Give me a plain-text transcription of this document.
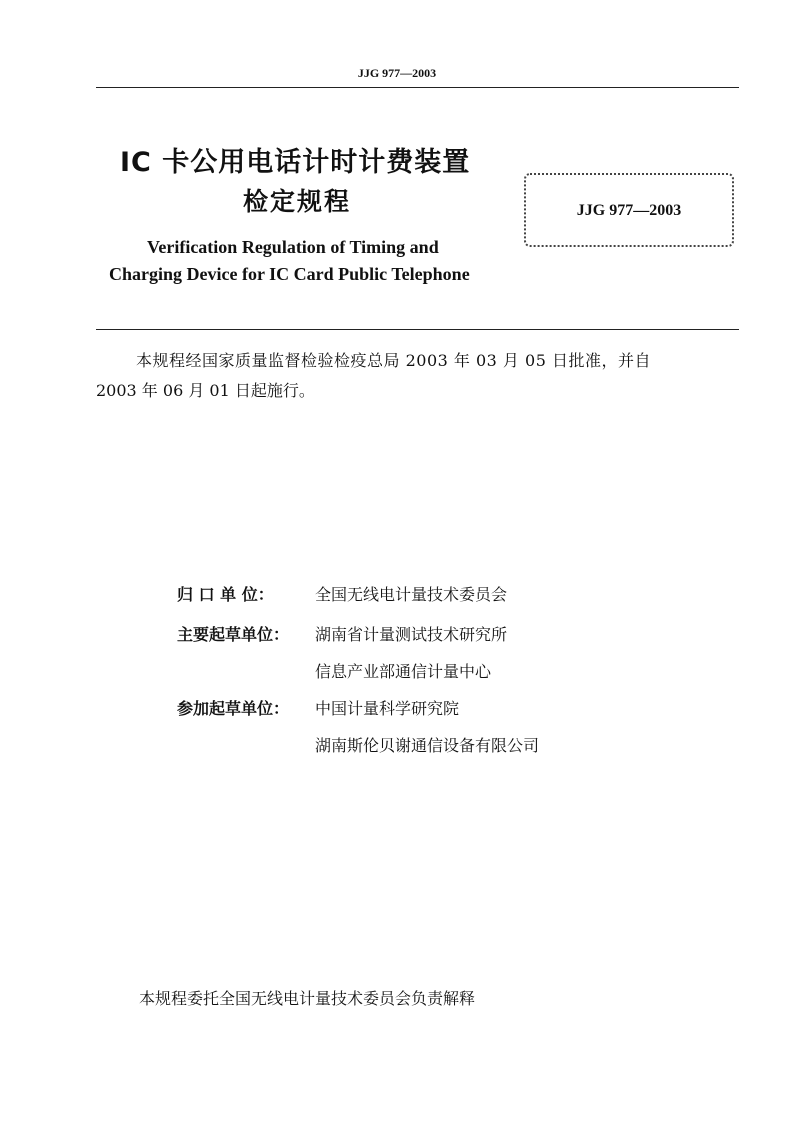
JJG 977—2003
IC 卡公用电话计时计费装置
检定规程
Verification Regulation of Timing and
Charging Device for IC Card Public Telephone
JJG 977—2003
本规程经国家质量监督检验检疫总局 2003 年 03 月 05 日批准，并自
2003 年 06 月 01 日起施行。
归 口 单 位：	全国无线电计量技术委员会
主要起草单位： 湖南省计量测试技术研究所
信息产业部通信计量中心
参加起草单位： 中国计量科学研究院
湖南斯伦贝谢通信设备有限公司
本规程委托全国无线电计量技术委员会负责解释
